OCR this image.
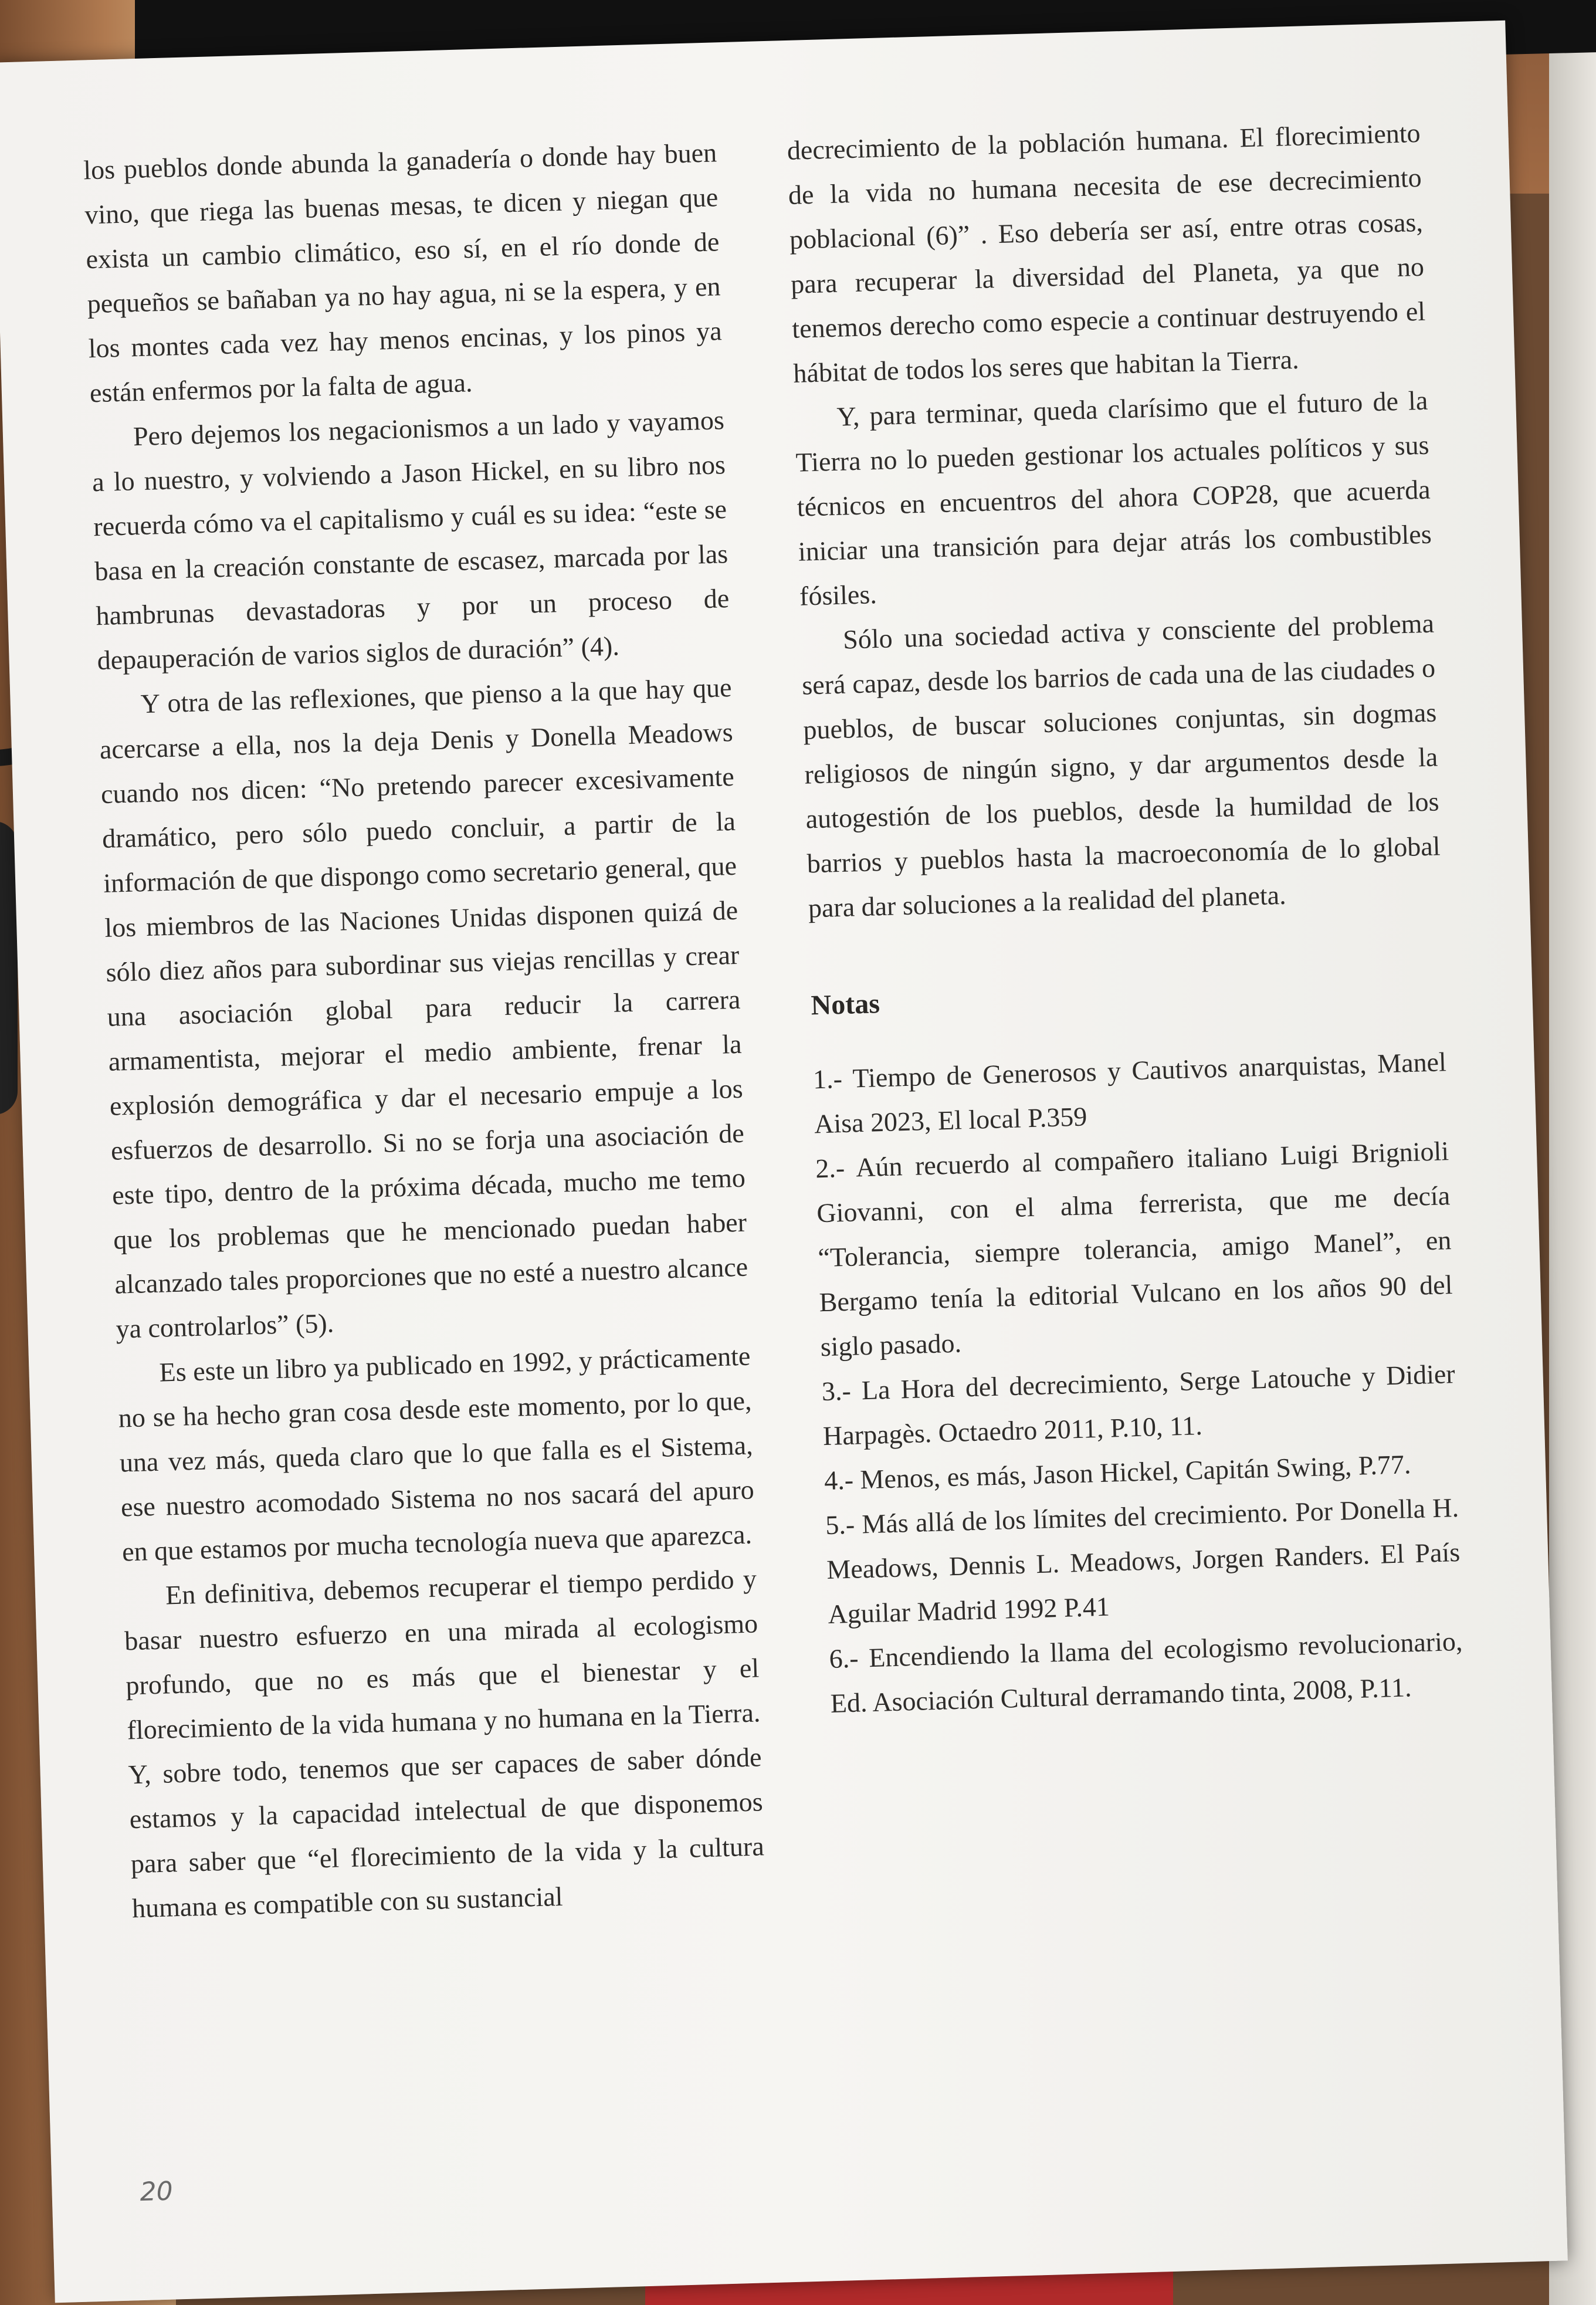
los pueblos donde abunda la ganadería o donde hay buen vino, que riega las buenas mesas, te dicen y niegan que exista un cambio climático, eso sí, en el río donde de pequeños se bañaban ya no hay agua, ni se la espera, y en los montes cada vez hay menos encinas, y los pinos ya están enfermos por la falta de agua.

Pero dejemos los negacionismos a un lado y vayamos a lo nuestro, y volviendo a Jason Hickel, en su libro nos recuerda cómo va el capitalismo y cuál es su idea: “este se basa en la creación constante de escasez, marcada por las hambrunas devastadoras y por un proceso de depauperación de varios siglos de duración” (4).

Y otra de las reflexiones, que pienso a la que hay que acercarse a ella, nos la deja Denis y Donella Meadows cuando nos dicen: “No pretendo parecer excesivamente dramático, pero sólo puedo concluir, a partir de la información de que dispongo como secretario general, que los miembros de las Naciones Unidas disponen quizá de sólo diez años para subordinar sus viejas rencillas y crear una asociación global para reducir la carrera armamentista, mejorar el medio ambiente, frenar la explosión demográfica y dar el necesario empuje a los esfuerzos de desarrollo. Si no se forja una asociación de este tipo, dentro de la próxima década, mucho me temo que los problemas que he mencionado puedan haber alcanzado tales proporciones que no esté a nuestro alcance ya controlarlos” (5).

Es este un libro ya publicado en 1992, y prácticamente no se ha hecho gran cosa desde este momento, por lo que, una vez más, queda claro que lo que falla es el Sistema, ese nuestro acomodado Sistema no nos sacará del apuro en que estamos por mucha tecnología nueva que aparezca.

En definitiva, debemos recuperar el tiempo perdido y basar nuestro esfuerzo en una mirada al ecologismo profundo, que no es más que el bienestar y el florecimiento de la vida humana y no humana en la Tierra. Y, sobre todo, tenemos que ser capaces de saber dónde estamos y la capacidad intelectual de que disponemos para saber que “el florecimiento de la vida y la cultura humana es compatible con su sustancial

decrecimiento de la población humana. El florecimiento de la vida no humana necesita de ese decrecimiento poblacional (6)” . Eso debería ser así, entre otras cosas, para recuperar la diversidad del Planeta, ya que no tenemos derecho como especie a continuar destruyendo el hábitat de todos los seres que habitan la Tierra.

Y, para terminar, queda clarísimo que el futuro de la Tierra no lo pueden gestionar los actuales políticos y sus técnicos en encuentros del ahora COP28, que acuerda iniciar una transición para dejar atrás los combustibles fósiles.

Sólo una sociedad activa y consciente del problema será capaz, desde los barrios de cada una de las ciudades o pueblos, de buscar soluciones conjuntas, sin dogmas religiosos de ningún signo, y dar argumentos desde la autogestión de los pueblos, desde la humildad de los barrios y pueblos hasta la macroeconomía de lo global para dar soluciones a la realidad del planeta.

Notas

1.- Tiempo de Generosos y Cautivos anarquistas, Manel Aisa 2023, El local P.359

2.- Aún recuerdo al compañero italiano Luigi Brignioli Giovanni, con el alma ferrerista, que me decía “Tolerancia, siempre tolerancia, amigo Manel”, en Bergamo tenía la editorial Vulcano en los años 90 del siglo pasado.

3.- La Hora del decrecimiento, Serge Latouche y Didier Harpagès. Octaedro 2011, P.10, 11.

4.- Menos, es más, Jason Hickel, Capitán Swing, P.77.

5.- Más allá de los límites del crecimiento. Por Donella H. Meadows, Dennis L. Meadows, Jorgen Randers. El País Aguilar Madrid 1992 P.41

6.- Encendiendo la llama del ecologismo revolucionario, Ed. Asociación Cultural derramando tinta, 2008, P.11.

20
